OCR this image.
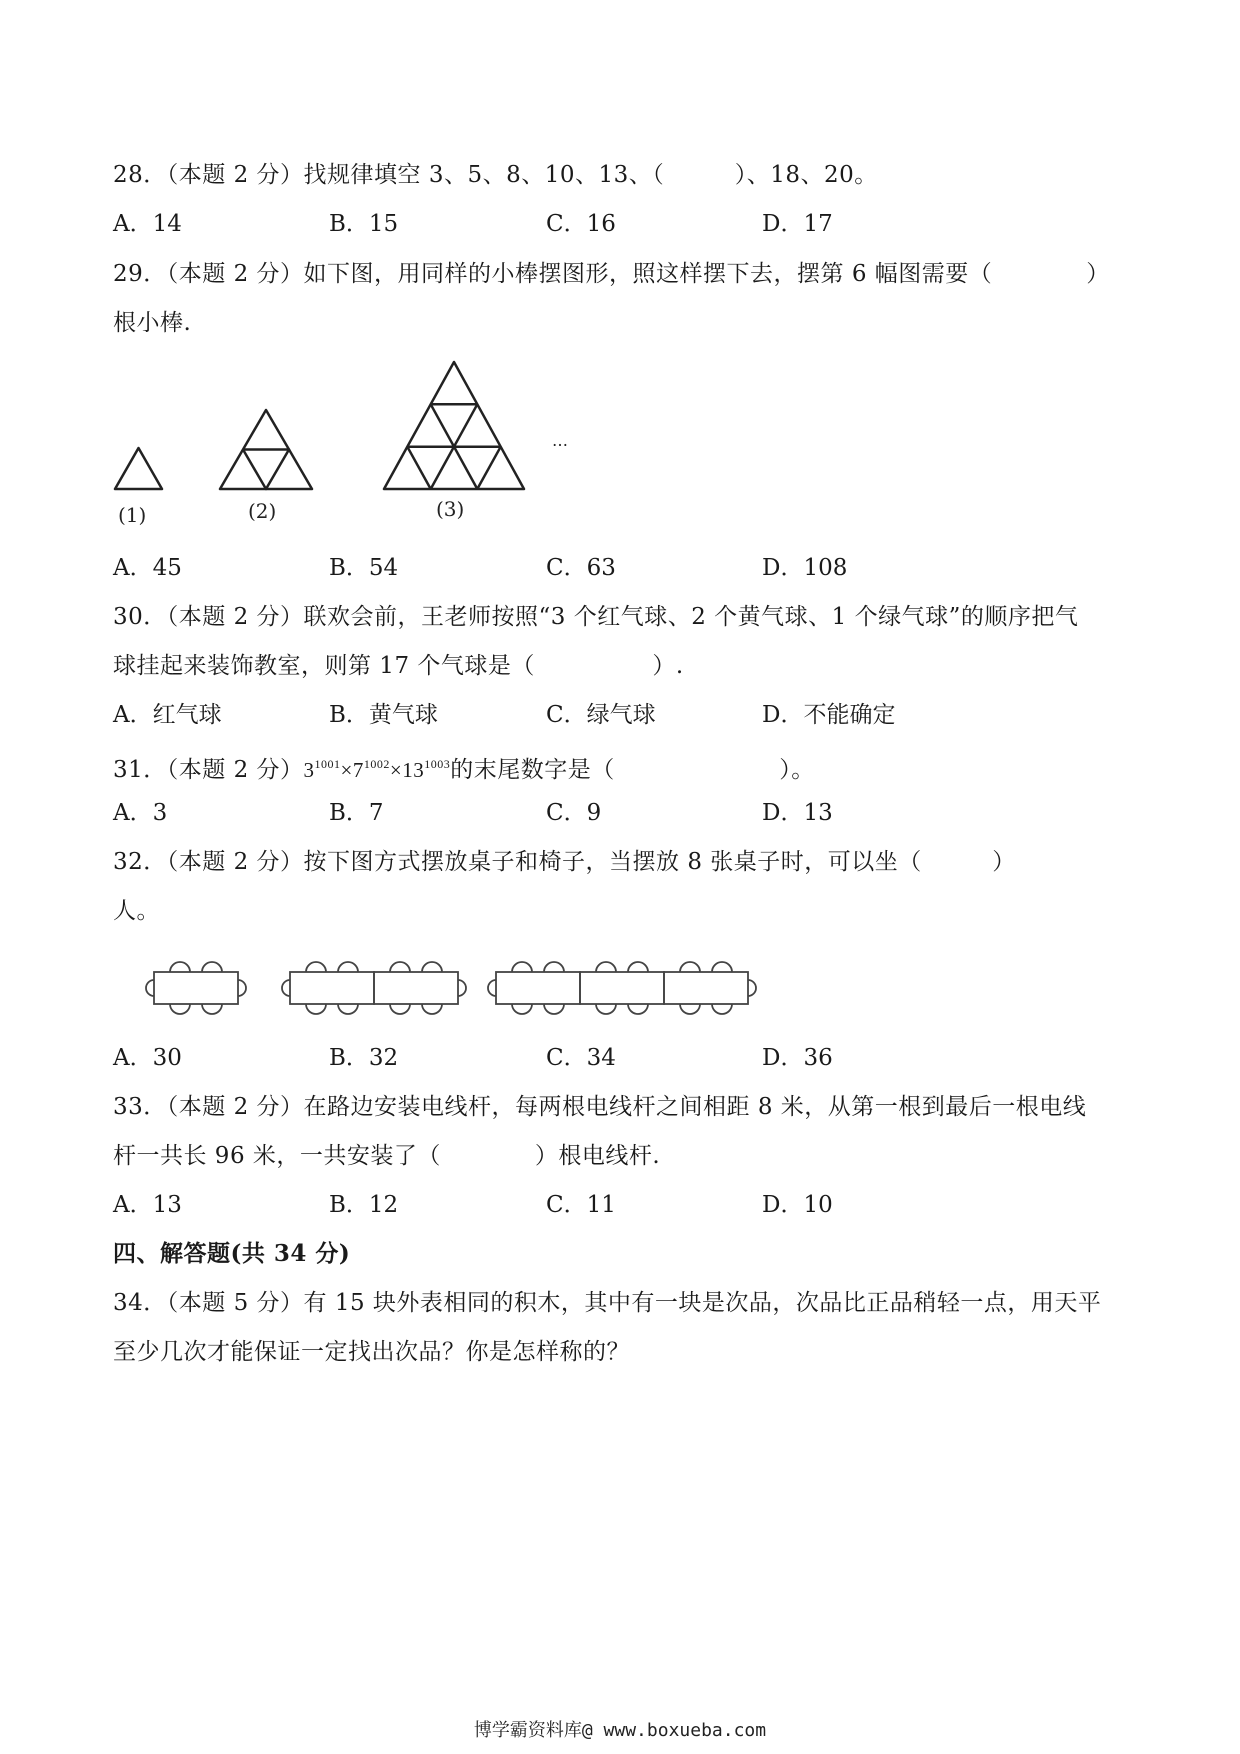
28．（本题 2 分）找规律填空 3、5、8、10、13、（　　　）、18、20。
A．14	B．15	C．16	D．17
29．（本题 2 分）如下图，用同样的小棒摆图形，照这样摆下去，摆第 6 幅图需要（　　　　）
根小棒.
(1)	(2)	(3)
…
A．45	B．54	C．63	D．108
30．（本题 2 分）联欢会前，王老师按照“3 个红气球、2 个黄气球、1 个绿气球”的顺序把气
球挂起来装饰教室，则第 17 个气球是（　　　　　）.
A．红气球	B．黄气球	C．绿气球	D．不能确定
31．（本题 2 分）$3^{1001}\times 7^{1002}\times 13^{1003}$的末尾数字是（　　　　　　　）。
A．3	B．7	C．9	D．13
32．（本题 2 分）按下图方式摆放桌子和椅子，当摆放 8 张桌子时，可以坐（　　　）
人。
A．30	B．32	C．34	D．36
33．（本题 2 分）在路边安装电线杆，每两根电线杆之间相距 8 米，从第一根到最后一根电线
杆一共长 96 米，一共安装了（　　　　）根电线杆.
A．13	B．12	C．11	D．10
四、解答题(共 34 分)
34．（本题 5 分）有 15 块外表相同的积木，其中有一块是次品，次品比正品稍轻一点，用天平
至少几次才能保证一定找出次品？你是怎样称的？
博学霸资料库@ www.boxueba.com
